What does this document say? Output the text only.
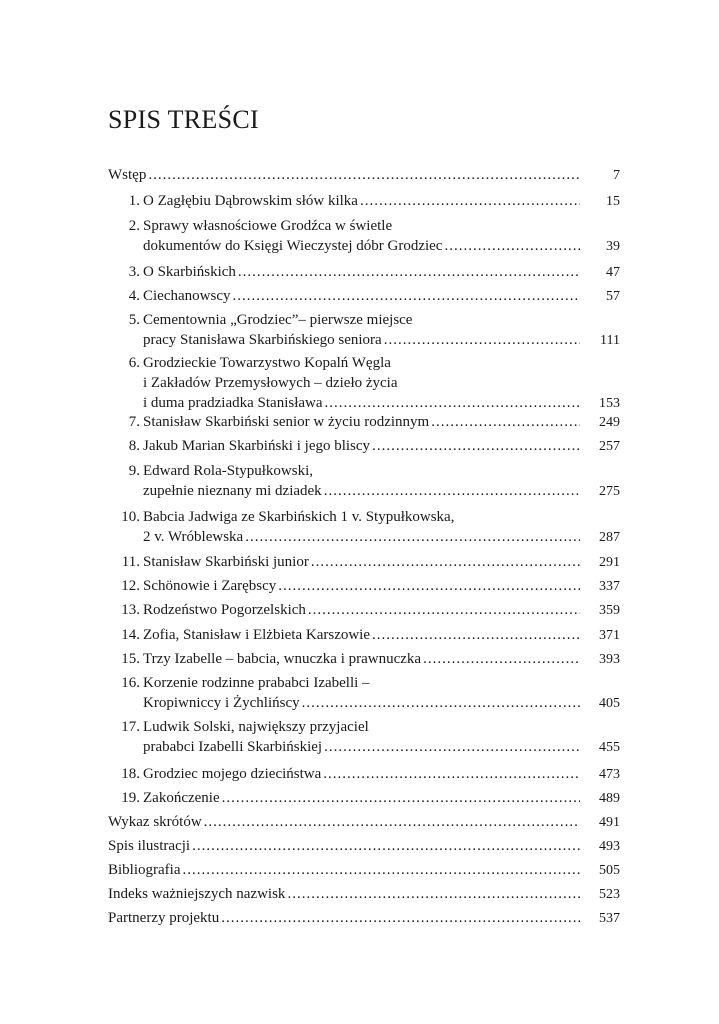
SPIS TREŚCI
Wstęp .....	7
1. O Zagłębiu Dąbrowskim słów kilka .....	15
2. Sprawy własnościowe Grodźca w świetle
dokumentów do Księgi Wieczystej dóbr Grodziec .....	39
3. O Skarbińskich .....	47
4. Ciechanowscy .....	57
5. Cementownia „Grodziec”– pierwsze miejsce
pracy Stanisława Skarbińskiego seniora .....	111
6. Grodzieckie Towarzystwo Kopalń Węgla
i Zakładów Przemysłowych – dzieło życia
i duma pradziadka Stanisława .....	153
7. Stanisław Skarbiński senior w życiu rodzinnym .....	249
8. Jakub Marian Skarbiński i jego bliscy .....	257
9. Edward Rola-Stypułkowski,
zupełnie nieznany mi dziadek .....	275
10. Babcia Jadwiga ze Skarbińskich 1 v. Stypułkowska,
2 v. Wróblewska .....	287
11. Stanisław Skarbiński junior .....	291
12. Schönowie i Zarębscy .....	337
13. Rodzeństwo Pogorzelskich .....	359
14. Zofia, Stanisław i Elżbieta Karszowie .....	371
15. Trzy Izabelle – babcia, wnuczka i prawnuczka .....	393
16. Korzenie rodzinne prababci Izabelli –
Kropiwniccy i Żychlińscy .....	405
17. Ludwik Solski, największy przyjaciel
prababci Izabelli Skarbińskiej .....	455
18. Grodziec mojego dzieciństwa .....	473
19. Zakończenie .....	489
Wykaz skrótów .....	491
Spis ilustracji .....	493
Bibliografia .....	505
Indeks ważniejszych nazwisk .....	523
Partnerzy projektu .....	537
